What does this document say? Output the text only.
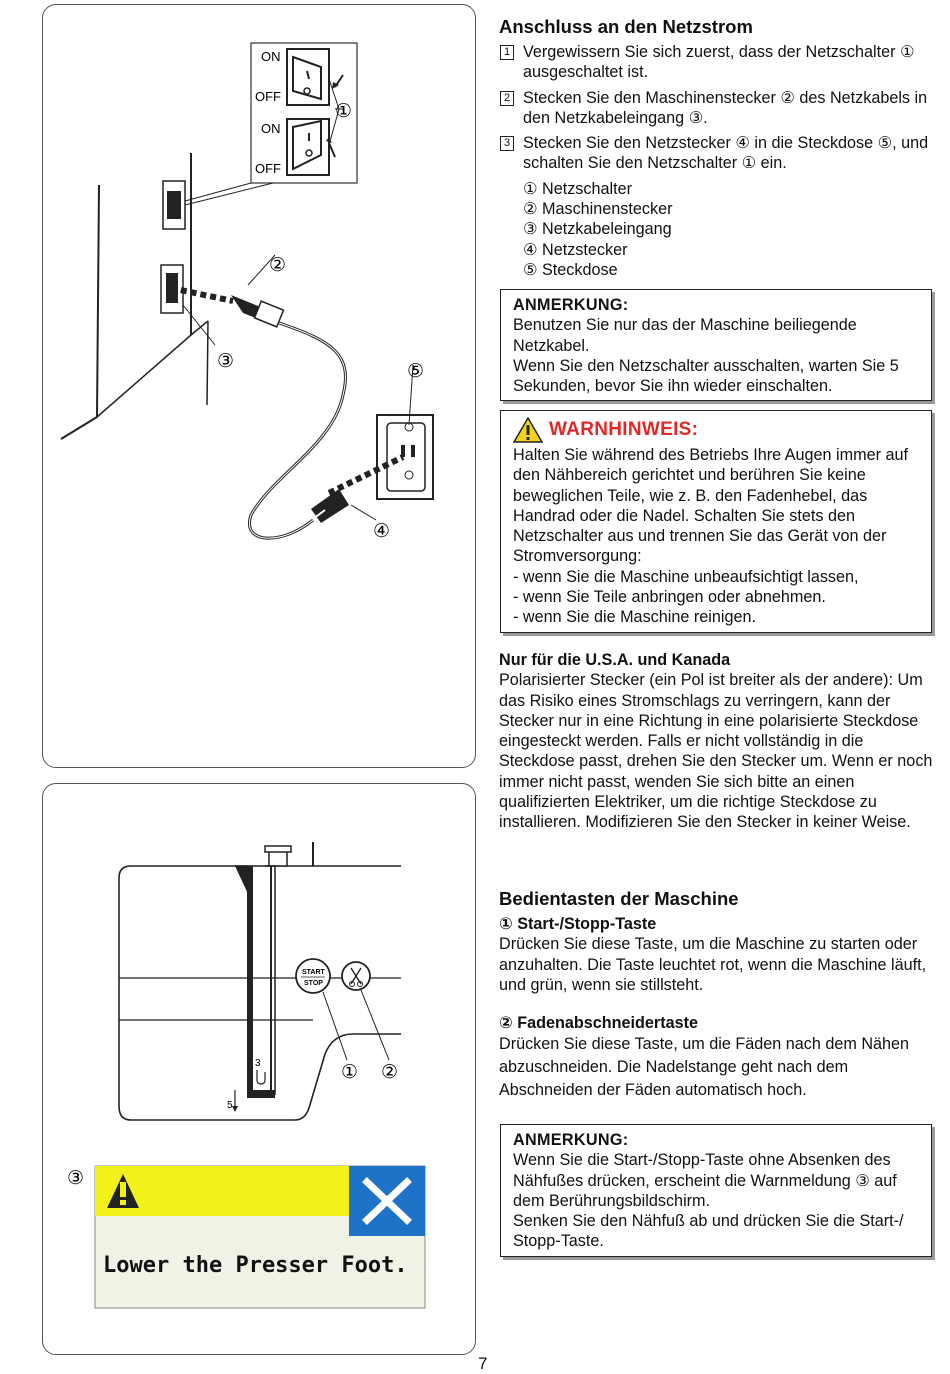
ON
OFF
ON
OFF
①
②
③
④
⑤
3
5
START
STOP
① ②
③
Lower the Presser Foot.
Anschluss an den Netzstrom
1 Vergewissern Sie sich zuerst, dass der Netzschalter ① ausgeschaltet ist.
2 Stecken Sie den Maschinenstecker ② des Netzkabels in den Netzkabeleingang ③.
3 Stecken Sie den Netzstecker ④ in die Steckdose ⑤, und schalten Sie den Netzschalter ① ein.
① Netzschalter
② Maschinenstecker
③ Netzkabeleingang
④ Netzstecker
⑤ Steckdose
ANMERKUNG:
Benutzen Sie nur das der Maschine beiliegende Netzkabel.
Wenn Sie den Netzschalter ausschalten, warten Sie 5 Sekunden, bevor Sie ihn wieder einschalten.
WARNHINWEIS:
Halten Sie während des Betriebs Ihre Augen immer auf den Nähbereich gerichtet und berühren Sie keine beweglichen Teile, wie z. B. den Fadenhebel, das Handrad oder die Nadel. Schalten Sie stets den Netzschalter aus und trennen Sie das Gerät von der Stromversorgung:
- wenn Sie die Maschine unbeaufsichtigt lassen,
- wenn Sie Teile anbringen oder abnehmen.
- wenn Sie die Maschine reinigen.
Nur für die U.S.A. und Kanada
Polarisierter Stecker (ein Pol ist breiter als der andere): Um das Risiko eines Stromschlags zu verringern, kann der Stecker nur in eine Richtung in eine polarisierte Steckdose eingesteckt werden. Falls er nicht vollständig in die Steckdose passt, drehen Sie den Stecker um. Wenn er noch immer nicht passt, wenden Sie sich bitte an einen qualifizierten Elektriker, um die richtige Steckdose zu installieren. Modifizieren Sie den Stecker in keiner Weise.
Bedientasten der Maschine
① Start-/Stopp-Taste
Drücken Sie diese Taste, um die Maschine zu starten oder anzuhalten. Die Taste leuchtet rot, wenn die Maschine läuft, und grün, wenn sie stillsteht.
② Fadenabschneidertaste
Drücken Sie diese Taste, um die Fäden nach dem Nähen abzuschneiden. Die Nadelstange geht nach dem Abschneiden der Fäden automatisch hoch.
ANMERKUNG:
Wenn Sie die Start-/Stopp-Taste ohne Absenken des Nähfußes drücken, erscheint die Warnmeldung ③ auf dem Berührungsbildschirm.
Senken Sie den Nähfuß ab und drücken Sie die Start-/ Stopp-Taste.
7
